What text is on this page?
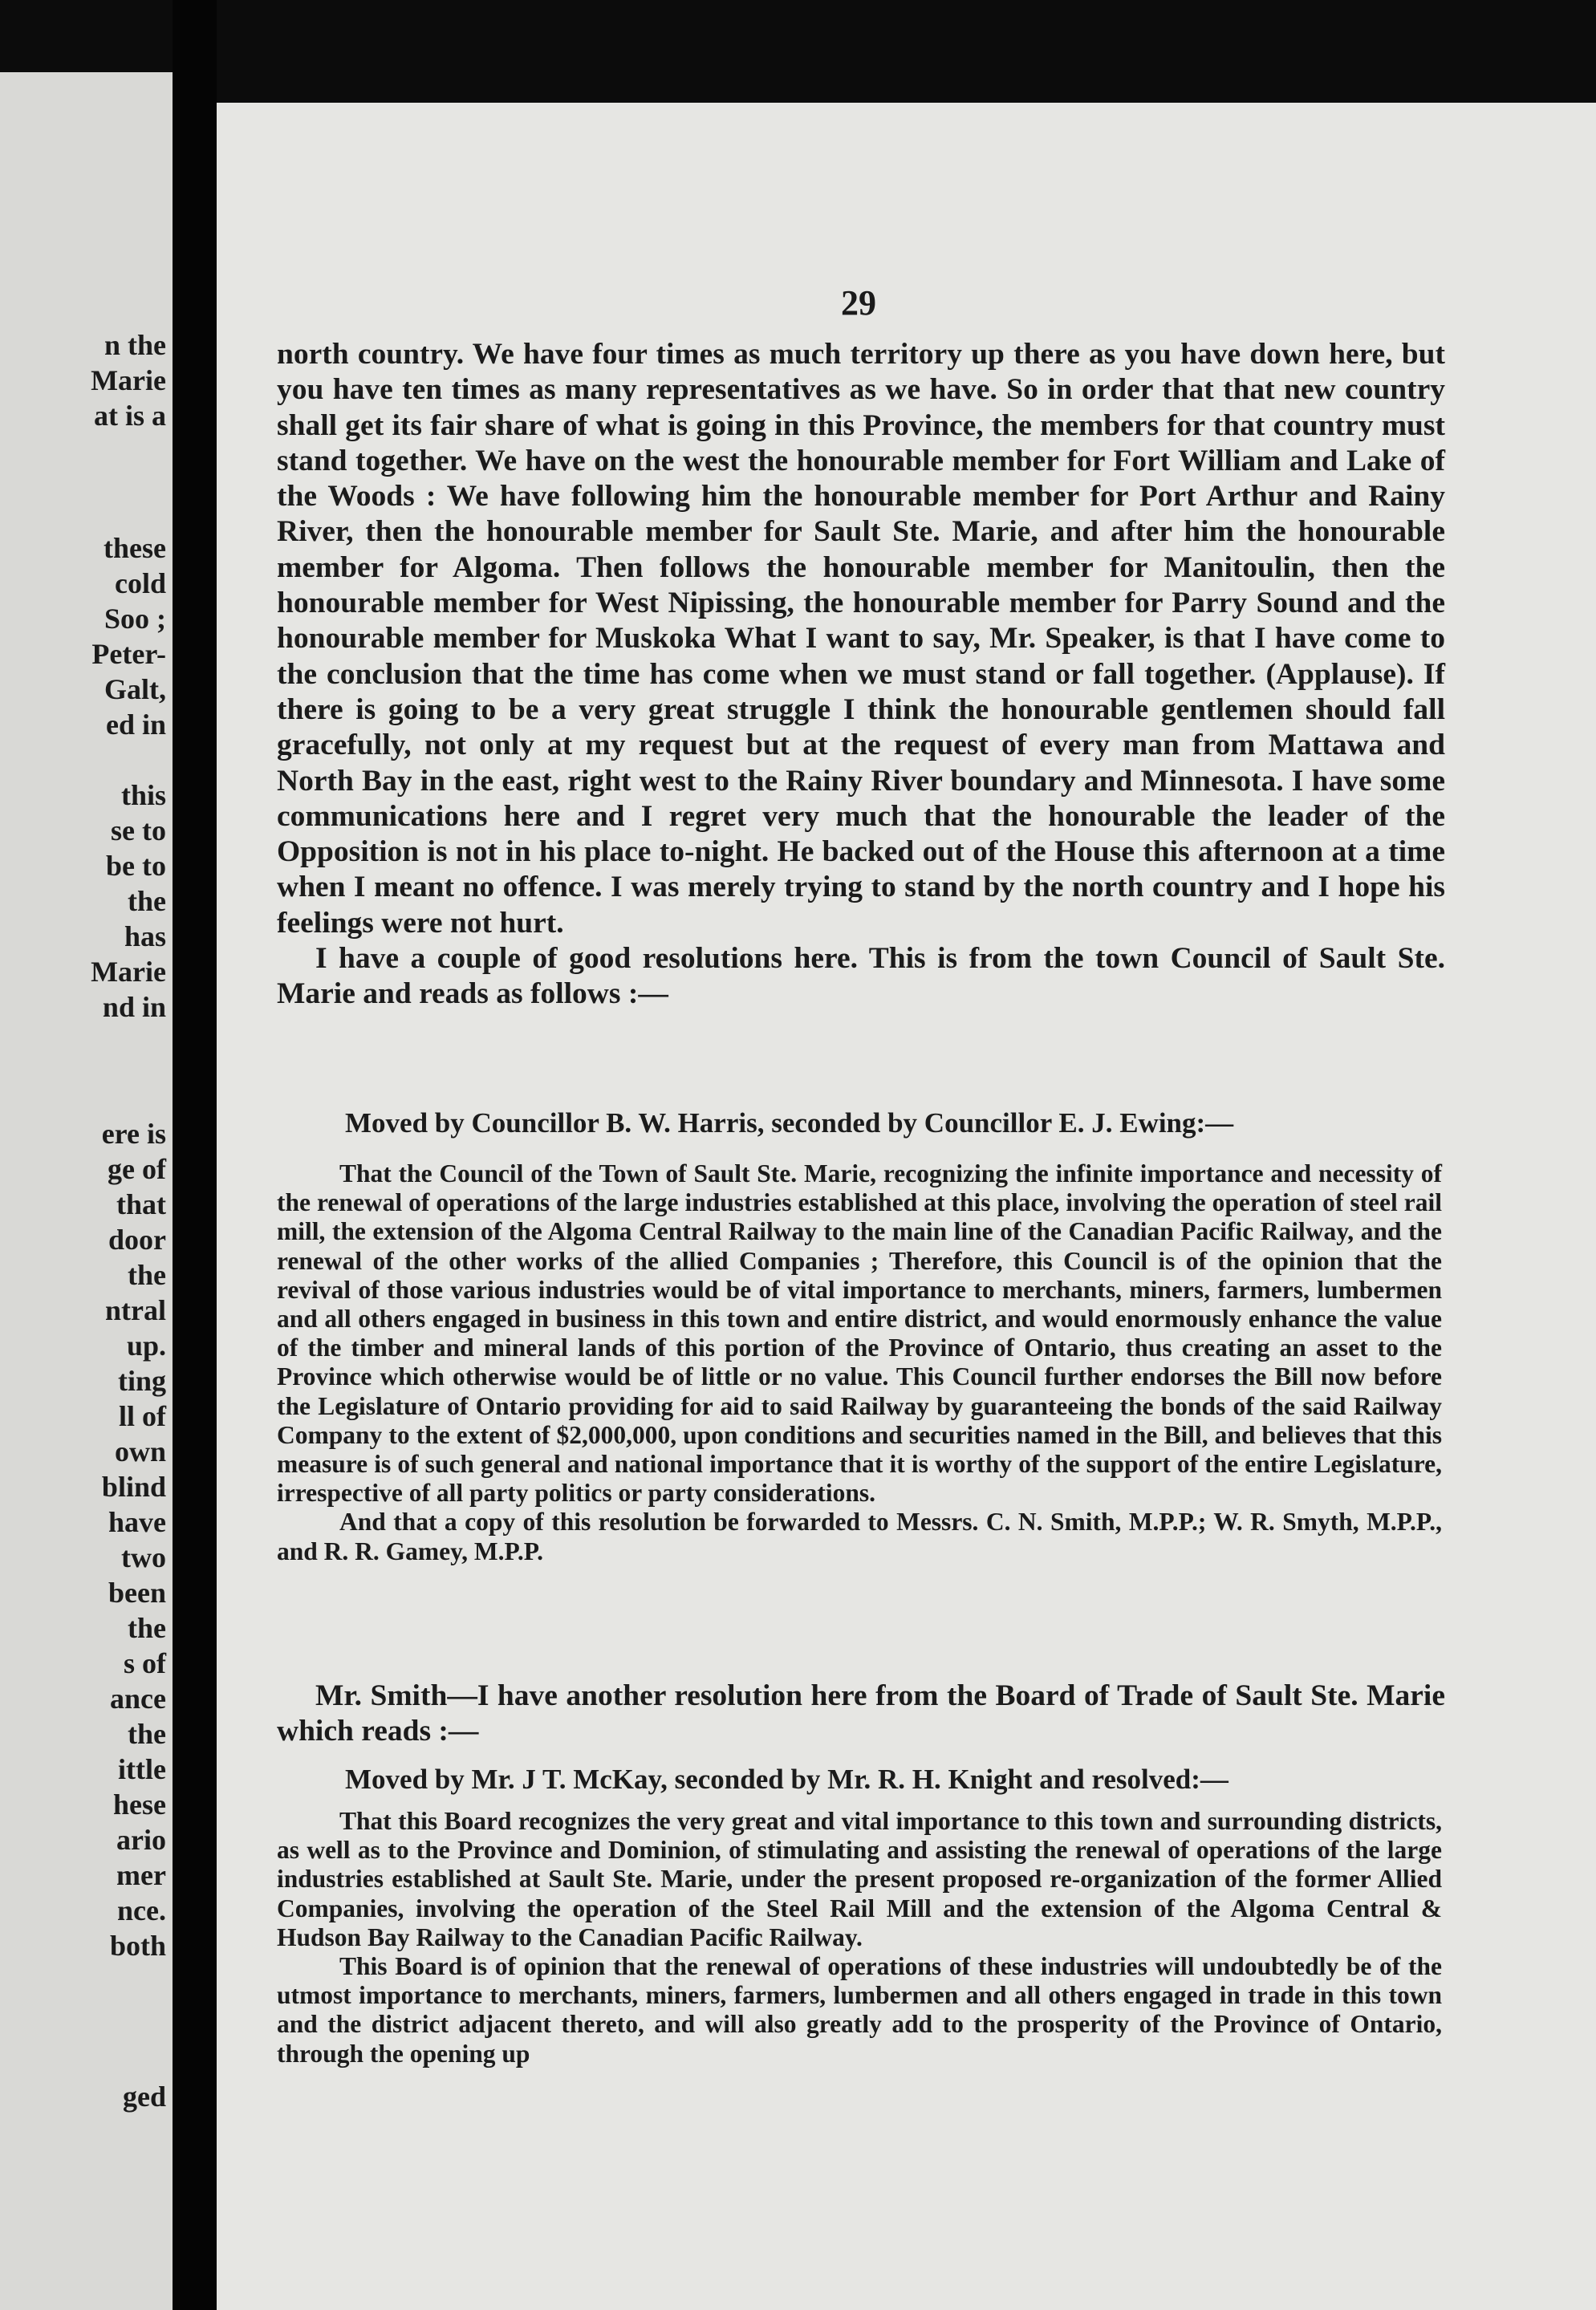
n the
Marie
at is a
these
cold
Soo ;
Peter-
Galt,
ed in
this
se to
be to
the
has
Marie
nd in
ere is
ge of
that
door
the
ntral
up.
ting
ll of
own
blind
have
two
been
the
s of
ance
the
ittle
hese
ario
mer
nce.
both
ged
29

north country. We have four times as much territory up there as you have down here, but you have ten times as many representatives as we have. So in order that that new country shall get its fair share of what is going in this Province, the members for that country must stand together. We have on the west the honourable member for Fort William and Lake of the Woods : We have following him the honourable member for Port Arthur and Rainy River, then the honourable member for Sault Ste. Marie, and after him the honourable member for Algoma. Then follows the honourable member for Manitoulin, then the honourable member for West Nipissing, the honourable member for Parry Sound and the honourable member for Muskoka What I want to say, Mr. Speaker, is that I have come to the conclusion that the time has come when we must stand or fall together. (Applause). If there is going to be a very great struggle I think the honourable gentlemen should fall gracefully, not only at my request but at the request of every man from Mattawa and North Bay in the east, right west to the Rainy River boundary and Minnesota. I have some communications here and I regret very much that the honourable the leader of the Opposition is not in his place to-night. He backed out of the House this afternoon at a time when I meant no offence. I was merely trying to stand by the north country and I hope his feelings were not hurt.

I have a couple of good resolutions here. This is from the town Council of Sault Ste. Marie and reads as follows :—

Moved by Councillor B. W. Harris, seconded by Councillor E. J. Ewing:—

That the Council of the Town of Sault Ste. Marie, recognizing the infinite importance and necessity of the renewal of operations of the large industries established at this place, involving the operation of steel rail mill, the extension of the Algoma Central Railway to the main line of the Canadian Pacific Railway, and the renewal of the other works of the allied Companies ; Therefore, this Council is of the opinion that the revival of those various industries would be of vital importance to merchants, miners, farmers, lumbermen and all others engaged in business in this town and entire district, and would enormously enhance the value of the timber and mineral lands of this portion of the Province of Ontario, thus creating an asset to the Province which otherwise would be of little or no value. This Council further endorses the Bill now before the Legislature of Ontario providing for aid to said Railway by guaranteeing the bonds of the said Railway Company to the extent of $2,000,000, upon conditions and securities named in the Bill, and believes that this measure is of such general and national importance that it is worthy of the support of the entire Legislature, irrespective of all party politics or party considerations.

And that a copy of this resolution be forwarded to Messrs. C. N. Smith, M.P.P.; W. R. Smyth, M.P.P., and R. R. Gamey, M.P.P.

Mr. Smith—I have another resolution here from the Board of Trade of Sault Ste. Marie which reads :—

Moved by Mr. J T. McKay, seconded by Mr. R. H. Knight and resolved:—

That this Board recognizes the very great and vital importance to this town and surrounding districts, as well as to the Province and Dominion, of stimulating and assisting the renewal of operations of the large industries established at Sault Ste. Marie, under the present proposed re-organization of the former Allied Companies, involving the operation of the Steel Rail Mill and the extension of the Algoma Central & Hudson Bay Railway to the Canadian Pacific Railway.

This Board is of opinion that the renewal of operations of these industries will undoubtedly be of the utmost importance to merchants, miners, farmers, lumbermen and all others engaged in trade in this town and the district adjacent thereto, and will also greatly add to the prosperity of the Province of Ontario, through the opening up
